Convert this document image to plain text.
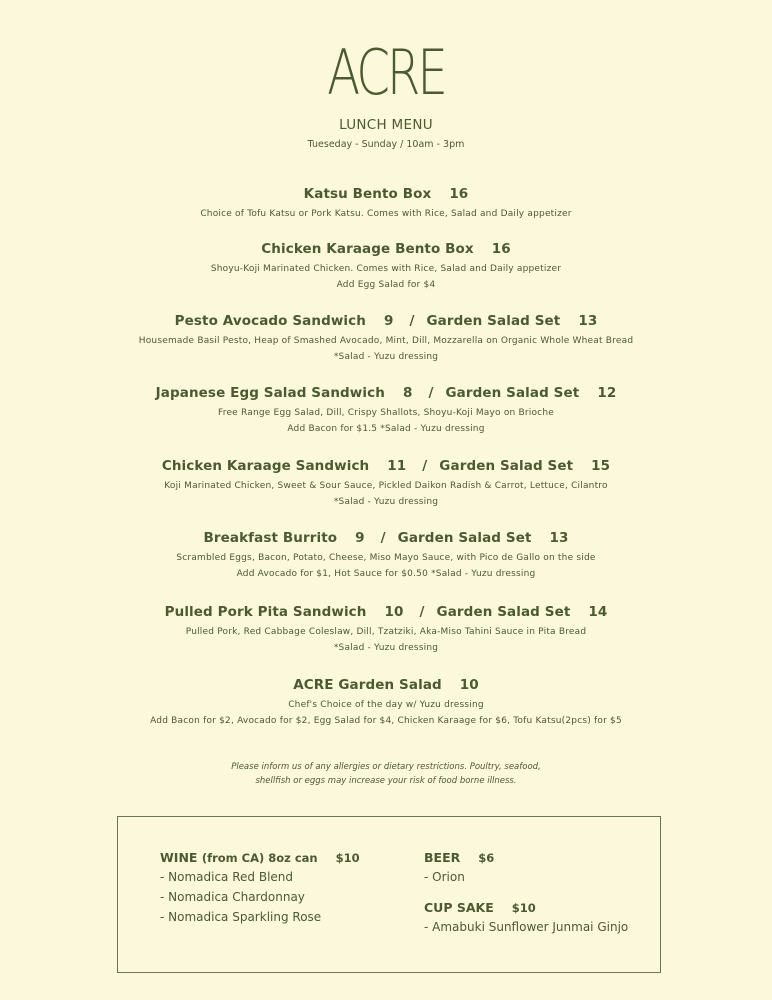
ACRE
LUNCH MENU
Tueseday - Sunday / 10am - 3pm
Katsu Bento Box 16
Choice of Tofu Katsu or Pork Katsu. Comes with Rice, Salad and Daily appetizer
Chicken Karaage Bento Box 16
Shoyu-Koji Marinated Chicken. Comes with Rice, Salad and Daily appetizer
Add Egg Salad for $4
Pesto Avocado Sandwich 9 / Garden Salad Set 13
Housemade Basil Pesto, Heap of Smashed Avocado, Mint, Dill, Mozzarella on Organic Whole Wheat Bread
*Salad - Yuzu dressing
Japanese Egg Salad Sandwich 8 / Garden Salad Set 12
Free Range Egg Salad, Dill, Crispy Shallots, Shoyu-Koji Mayo on Brioche
Add Bacon for $1.5 *Salad - Yuzu dressing
Chicken Karaage Sandwich 11 / Garden Salad Set 15
Koji Marinated Chicken, Sweet & Sour Sauce, Pickled Daikon Radish & Carrot, Lettuce, Cilantro
*Salad - Yuzu dressing
Breakfast Burrito 9 / Garden Salad Set 13
Scrambled Eggs, Bacon, Potato, Cheese, Miso Mayo Sauce, with Pico de Gallo on the side
Add Avocado for $1, Hot Sauce for $0.50 *Salad - Yuzu dressing
Pulled Pork Pita Sandwich 10 / Garden Salad Set 14
Pulled Pork, Red Cabbage Coleslaw, Dill, Tzatziki, Aka-Miso Tahini Sauce in Pita Bread
*Salad - Yuzu dressing
ACRE Garden Salad 10
Chef's Choice of the day w/ Yuzu dressing
Add Bacon for $2, Avocado for $2, Egg Salad for $4, Chicken Karaage for $6, Tofu Katsu(2pcs) for $5
Please inform us of any allergies or dietary restrictions. Poultry, seafood,
shellfish or eggs may increase your risk of food borne illness.
WINE (from CA) 8oz can $10
- Nomadica Red Blend
- Nomadica Chardonnay
- Nomadica Sparkling Rose
BEER $6
- Orion
CUP SAKE $10
- Amabuki Sunflower Junmai Ginjo
